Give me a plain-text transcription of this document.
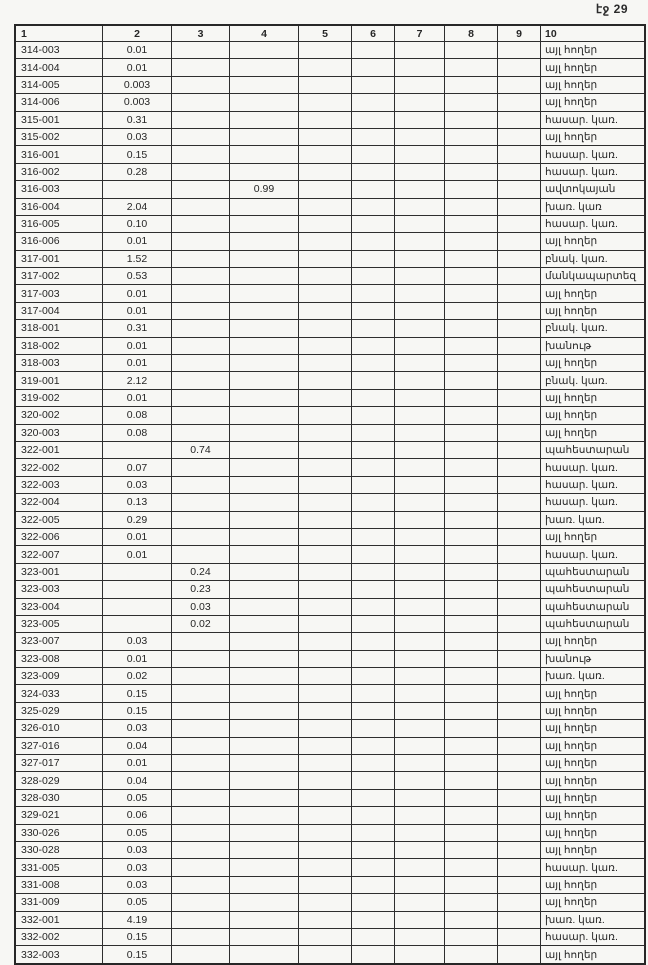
էջ 29
1	2	3	4	5	6	7	8	9	10
314-003	0.01								այլ հողեր
314-004	0.01								այլ հողեր
314-005	0.003								այլ հողեր
314-006	0.003								այլ հողեր
315-001	0.31								հասար. կառ.
315-002	0.03								այլ հողեր
316-001	0.15								հասար. կառ.
316-002	0.28								հասար. կառ.
316-003			0.99						ավտոկայան
316-004	2.04								խառ. կառ
316-005	0.10								հասար. կառ.
316-006	0.01								այլ հողեր
317-001	1.52								բնակ. կառ.
317-002	0.53								մանկապարտեզ
317-003	0.01								այլ հողեր
317-004	0.01								այլ հողեր
318-001	0.31								բնակ. կառ.
318-002	0.01								խանութ
318-003	0.01								այլ հողեր
319-001	2.12								բնակ. կառ.
319-002	0.01								այլ հողեր
320-002	0.08								այլ հողեր
320-003	0.08								այլ հողեր
322-001		0.74							պահեստարան
322-002	0.07								հասար. կառ.
322-003	0.03								հասար. կառ.
322-004	0.13								հասար. կառ.
322-005	0.29								խառ. կառ.
322-006	0.01								այլ հողեր
322-007	0.01								հասար. կառ.
323-001		0.24							պահեստարան
323-003		0.23							պահեստարան
323-004		0.03							պահեստարան
323-005		0.02							պահեստարան
323-007	0.03								այլ հողեր
323-008	0.01								խանութ
323-009	0.02								խառ. կառ.
324-033	0.15								այլ հողեր
325-029	0.15								այլ հողեր
326-010	0.03								այլ հողեր
327-016	0.04								այլ հողեր
327-017	0.01								այլ հողեր
328-029	0.04								այլ հողեր
328-030	0.05								այլ հողեր
329-021	0.06								այլ հողեր
330-026	0.05								այլ հողեր
330-028	0.03								այլ հողեր
331-005	0.03								հասար. կառ.
331-008	0.03								այլ հողեր
331-009	0.05								այլ հողեր
332-001	4.19								խառ. կառ.
332-002	0.15								հասար. կառ.
332-003	0.15								այլ հողեր
